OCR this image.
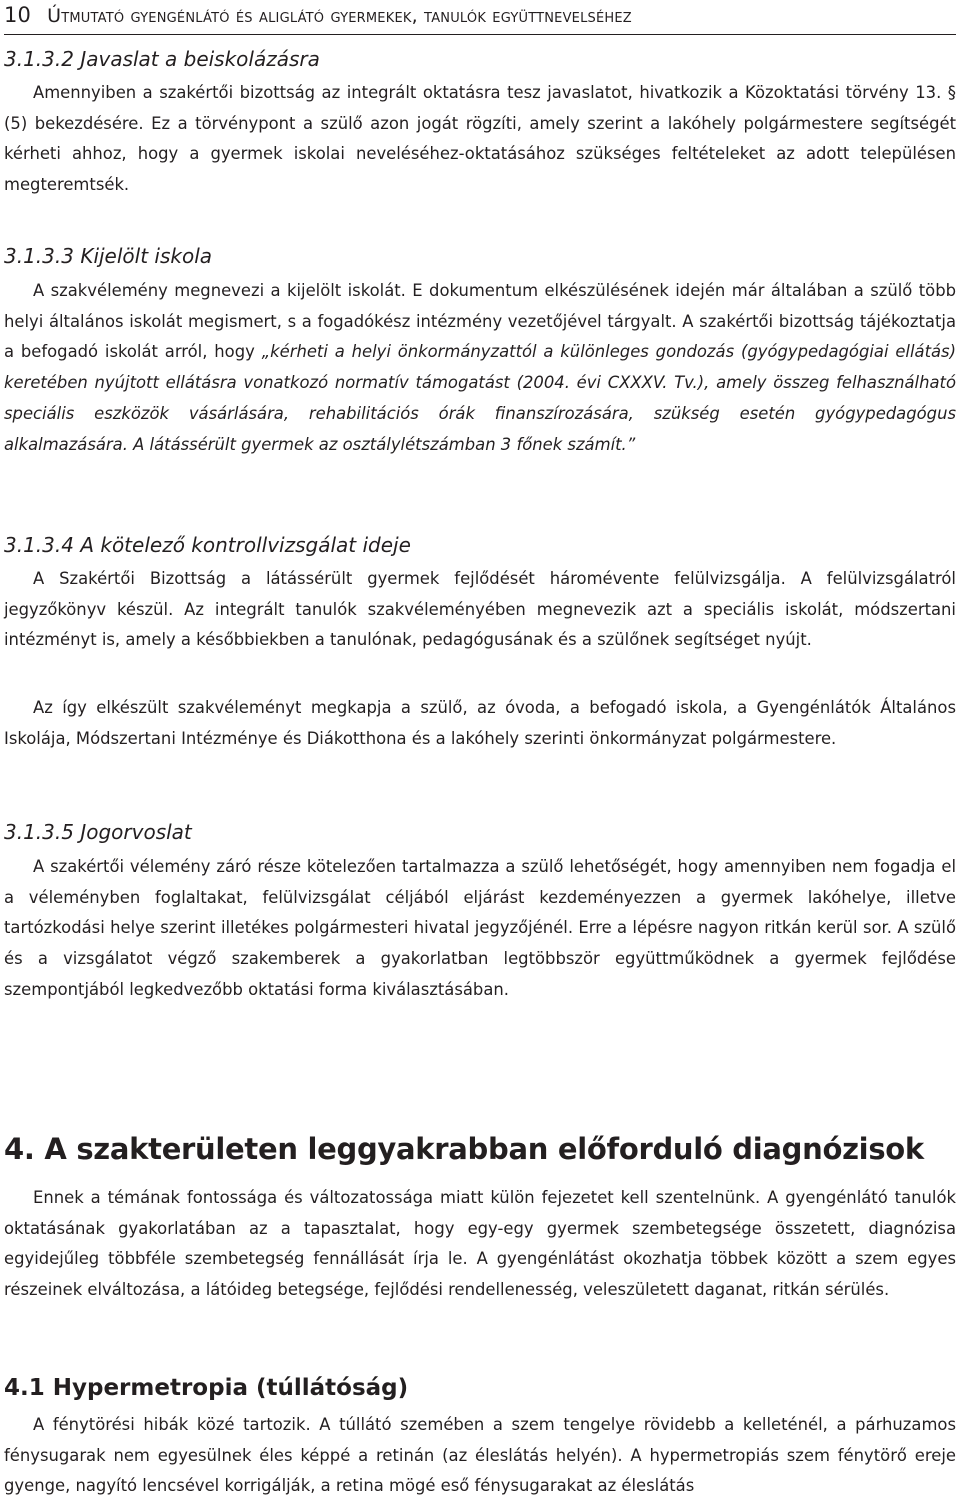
10 Útmutató gyengénlátó és aliglátó gyermekek, tanulók együttnevelséhez
3.1.3.2 Javaslat a beiskolázásra

Amennyiben a szakértői bizottság az integrált oktatásra tesz javaslatot, hivatkozik a Közoktatási törvény 13. § (5) bekezdésére. Ez a törvénypont a szülő azon jogát rögzíti, amely szerint a lakóhely polgármestere segítségét kérheti ahhoz, hogy a gyermek iskolai neveléséhez-oktatásához szükséges feltételeket az adott településen megteremtsék.

3.1.3.3 Kijelölt iskola

A szakvélemény megnevezi a kijelölt iskolát. E dokumentum elkészülésének idején már általában a szülő több helyi általános iskolát megismert, s a fogadókész intézmény vezetőjével tárgyalt. A szakértői bizottság tájékoztatja a befogadó iskolát arról, hogy „kérheti a helyi önkormányzattól a különleges gondozás (gyógypedagógiai ellátás) keretében nyújtott ellátásra vonatkozó normatív támogatást (2004. évi CXXXV. Tv.), amely összeg felhasználható speciális eszközök vásárlására, rehabilitációs órák finanszírozására, szükség esetén gyógypedagógus alkalmazására. A látássérült gyermek az osztálylétszámban 3 főnek számít.”

3.1.3.4 A kötelező kontrollvizsgálat ideje

A Szakértői Bizottság a látássérült gyermek fejlődését háromévente felülvizsgálja. A felülvizsgálatról jegyzőkönyv készül. Az integrált tanulók szakvéleményében megnevezik azt a speciális iskolát, módszertani intézményt is, amely a későbbiekben a tanulónak, pedagógusának és a szülőnek segítséget nyújt.

Az így elkészült szakvéleményt megkapja a szülő, az óvoda, a befogadó iskola, a Gyengénlátók Általános Iskolája, Módszertani Intézménye és Diákotthona és a lakóhely szerinti önkormányzat polgármestere.

3.1.3.5 Jogorvoslat

A szakértői vélemény záró része kötelezően tartalmazza a szülő lehetőségét, hogy amennyiben nem fogadja el a véleményben foglaltakat, felülvizsgálat céljából eljárást kezdeményezzen a gyermek lakóhelye, illetve tartózkodási helye szerint illetékes polgármesteri hivatal jegyzőjénél. Erre a lépésre nagyon ritkán kerül sor. A szülő és a vizsgálatot végző szakemberek a gyakorlatban legtöbbször együttműködnek a gyermek fejlődése szempontjából legkedvezőbb oktatási forma kiválasztásában.

4. A szakterületen leggyakrabban előforduló diagnózisok

Ennek a témának fontossága és változatossága miatt külön fejezetet kell szentelnünk. A gyengénlátó tanulók oktatásának gyakorlatában az a tapasztalat, hogy egy-egy gyermek szembetegsége összetett, diagnózisa egyidejűleg többféle szembetegség fennállását írja le. A gyengénlátást okozhatja többek között a szem egyes részeinek elváltozása, a látóideg betegsége, fejlődési rendellenesség, veleszületett daganat, ritkán sérülés.

4.1 Hypermetropia (túllátóság)

A fénytörési hibák közé tartozik. A túllátó szemében a szem tengelye rövidebb a kelleténél, a párhuzamos fénysugarak nem egyesülnek éles képpé a retinán (az éleslátás helyén). A hypermetropiás szem fénytörő ereje gyenge, nagyító lencsével korrigálják, a retina mögé eső fénysugarakat az éleslátás
